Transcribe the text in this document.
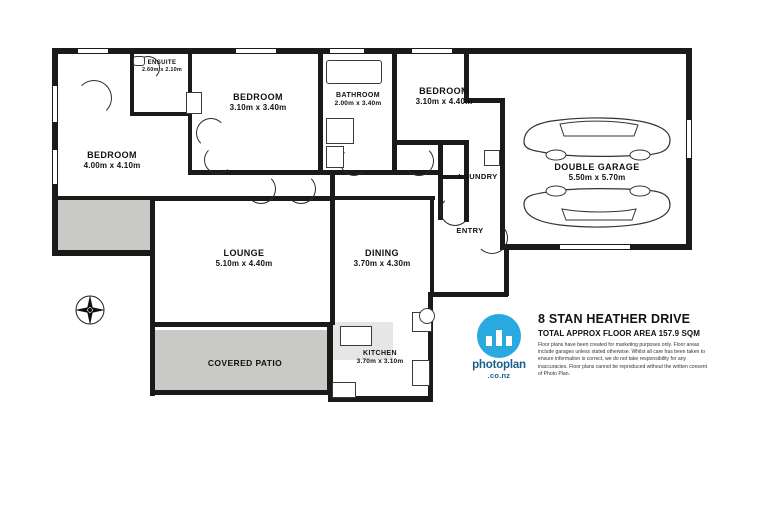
ENSUITE
2.60m x 2.10m
BEDROOM
3.10m x 3.40m
BATHROOM
2.00m x 3.40m
BEDROOM
3.10m x 4.40m
BEDROOM
4.00m x 4.10m	DOUBLE GARAGE
5.50m x 5.70m
LOUNGE
5.10m x 4.40m
DINING
3.70m x 4.30m
KITCHEN
3.70m x 3.10m
LAUNDRY
ENTRY
COVERED PATIO	photoplan
.co.nz
8 STAN HEATHER DRIVE
TOTAL APPROX FLOOR AREA 157.9 SQM
Floor plans have been created for marketing purposes only. Floor areas include garages unless stated otherwise. Whilst all care has been taken to ensure information is correct, we do not take responsibility for any inaccuracies. Floor plans cannot be reproduced without the written consent of Photo Plan.
